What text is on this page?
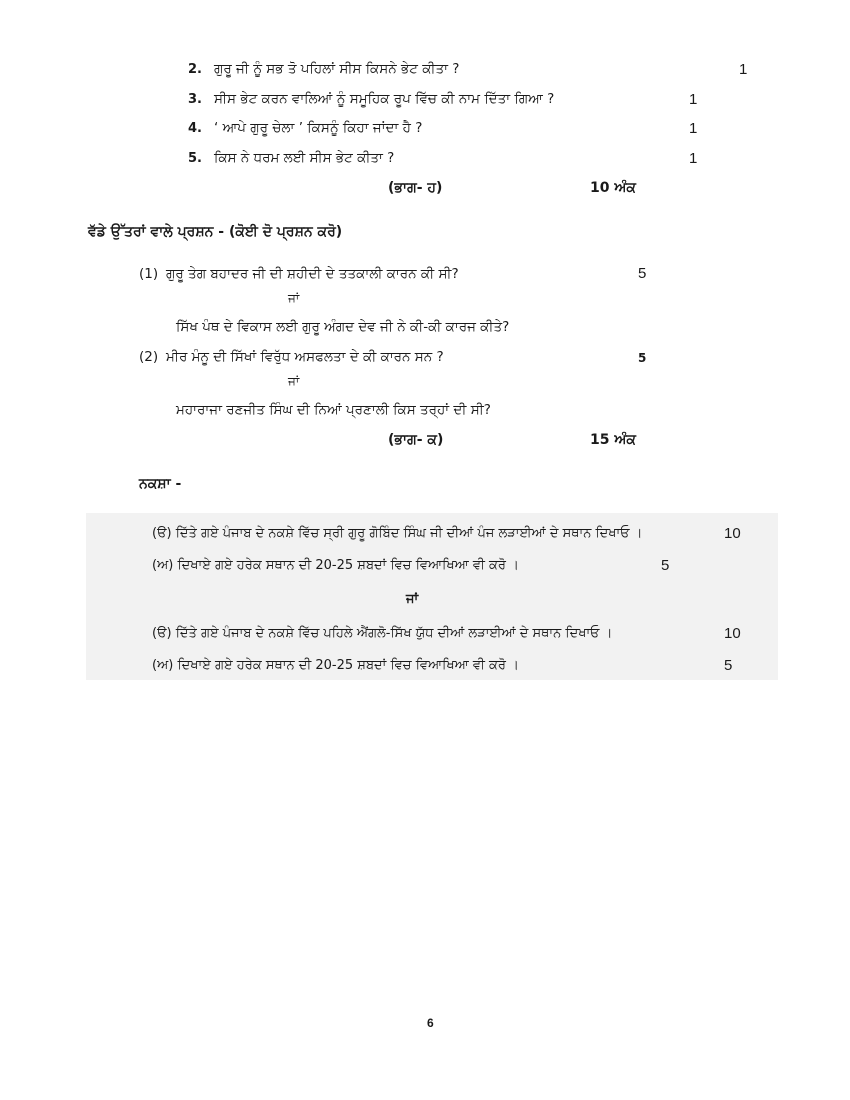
2. ਗੁਰੂ ਜੀ ਨੂੰ ਸਭ ਤੋ ਪਹਿਲਾਂ ਸੀਸ ਕਿਸਨੇ ਭੇਟ ਕੀਤਾ ?	1
3. ਸੀਸ ਭੇਟ ਕਰਨ ਵਾਲਿਆਂ ਨੂੰ ਸਮੂਹਿਕ ਰੂਪ ਵਿੱਚ ਕੀ ਨਾਮ ਦਿੱਤਾ ਗਿਆ ?	1
4. ‘ ਆਪੇ ਗੁਰੂ ਚੇਲਾ ’ ਕਿਸਨੂੰ ਕਿਹਾ ਜਾਂਦਾ ਹੈ ?	1
5. ਕਿਸ ਨੇ ਧਰਮ ਲਈ ਸੀਸ ਭੇਟ ਕੀਤਾ ?	1
(ਭਾਗ- ਹ)	10 ਅੰਕ
ਵੱਡੇ ਉੱਤਰਾਂ ਵਾਲੇ ਪ੍ਰਸ਼ਨ - (ਕੋਈ ਦੋ ਪ੍ਰਸ਼ਨ ਕਰੋ)
(1) ਗੁਰੂ ਤੇਗ ਬਹਾਦਰ ਜੀ ਦੀ ਸ਼ਹੀਦੀ ਦੇ ਤਤਕਾਲੀ ਕਾਰਨ ਕੀ ਸੀ?	5
ਜਾਂ
ਸਿੱਖ ਪੰਥ ਦੇ ਵਿਕਾਸ ਲਈ ਗੁਰੂ ਅੰਗਦ ਦੇਵ ਜੀ ਨੇ ਕੀ-ਕੀ ਕਾਰਜ ਕੀਤੇ?
(2) ਮੀਰ ਮੰਨੂ ਦੀ ਸਿੱਖਾਂ ਵਿਰੁੱਧ ਅਸਫਲਤਾ ਦੇ ਕੀ ਕਾਰਨ ਸਨ ?	5
ਜਾਂ
ਮਹਾਰਾਜਾ ਰਣਜੀਤ ਸਿੰਘ ਦੀ ਨਿਆਂ ਪ੍ਰਣਾਲੀ ਕਿਸ ਤਰ੍ਹਾਂ ਦੀ ਸੀ?
(ਭਾਗ- ਕ)	15 ਅੰਕ
ਨਕਸ਼ਾ -
(ੳ) ਦਿੱਤੇ ਗਏ ਪੰਜਾਬ ਦੇ ਨਕਸ਼ੇ ਵਿੱਚ ਸ੍ਰੀ ਗੁਰੂ ਗੋਬਿੰਦ ਸਿੰਘ ਜੀ ਦੀਆਂ ਪੰਜ ਲੜਾਈਆਂ ਦੇ ਸਥਾਨ ਦਿਖਾਓ ।	10
(ਅ) ਦਿਖਾਏ ਗਏ ਹਰੇਕ ਸਥਾਨ ਦੀ 20-25 ਸ਼ਬਦਾਂ ਵਿਚ ਵਿਆਖਿਆ ਵੀ ਕਰੋ ।	5
ਜਾਂ
(ੳ) ਦਿੱਤੇ ਗਏ ਪੰਜਾਬ ਦੇ ਨਕਸ਼ੇ ਵਿੱਚ ਪਹਿਲੇ ਐਂਗਲੋ-ਸਿੱਖ ਯੁੱਧ ਦੀਆਂ ਲੜਾਈਆਂ ਦੇ ਸਥਾਨ ਦਿਖਾਓ ।	10
(ਅ) ਦਿਖਾਏ ਗਏ ਹਰੇਕ ਸਥਾਨ ਦੀ 20-25 ਸ਼ਬਦਾਂ ਵਿਚ ਵਿਆਖਿਆ ਵੀ ਕਰੋ ।	5
6
